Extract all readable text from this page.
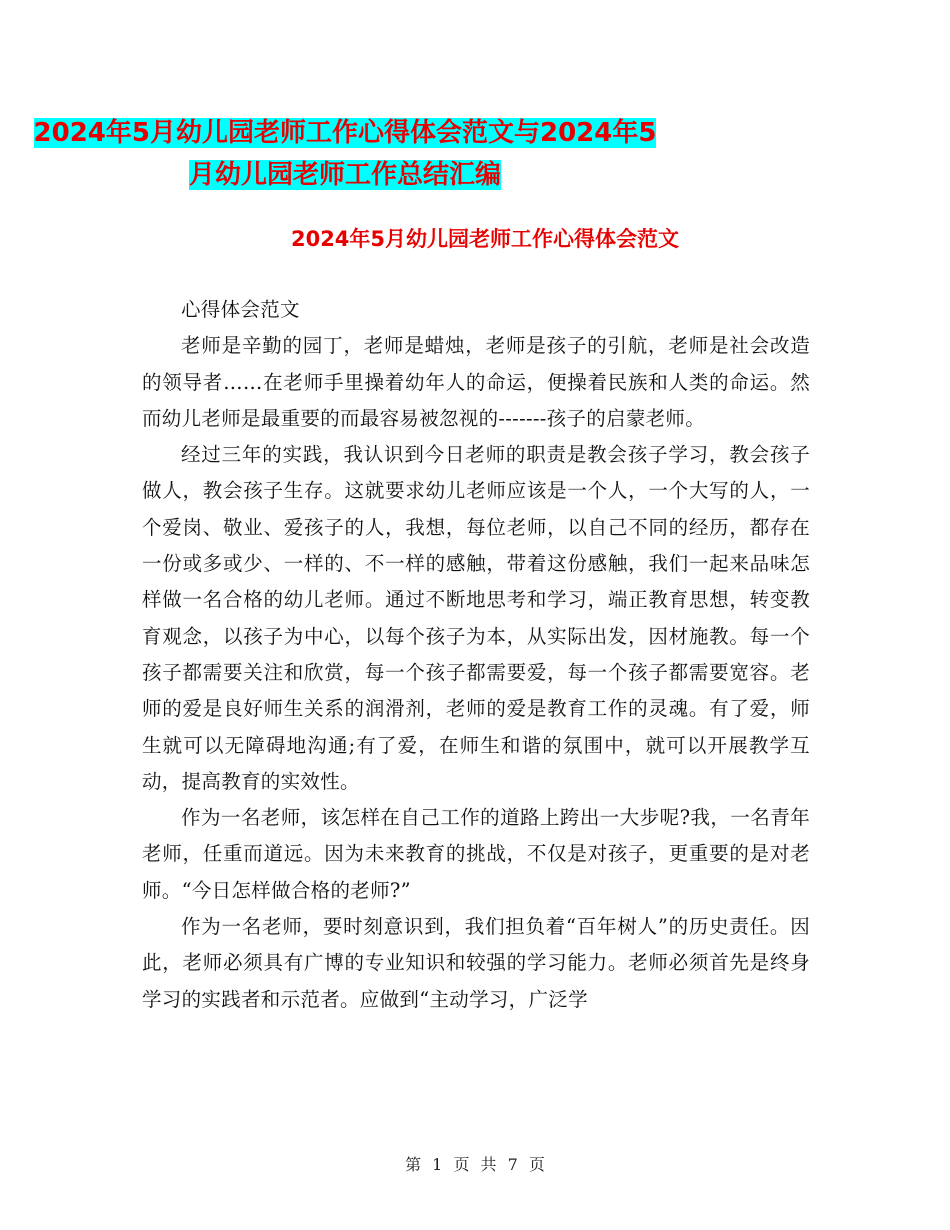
2024年5月幼儿园老师工作心得体会范文与2024年5
月幼儿园老师工作总结汇编
2024年5月幼儿园老师工作心得体会范文

心得体会范文

老师是辛勤的园丁，老师是蜡烛，老师是孩子的引航，老师是社会改造的领导者……在老师手里操着幼年人的命运，便操着民族和人类的命运。然而幼儿老师是最重要的而最容易被忽视的-------孩子的启蒙老师。

经过三年的实践，我认识到今日老师的职责是教会孩子学习，教会孩子做人，教会孩子生存。这就要求幼儿老师应该是一个人，一个大写的人，一个爱岗、敬业、爱孩子的人，我想，每位老师，以自己不同的经历，都存在一份或多或少、一样的、不一样的感触，带着这份感触，我们一起来品味怎样做一名合格的幼儿老师。通过不断地思考和学习，端正教育思想，转变教育观念，以孩子为中心，以每个孩子为本，从实际出发，因材施教。每一个孩子都需要关注和欣赏，每一个孩子都需要爱，每一个孩子都需要宽容。老师的爱是良好师生关系的润滑剂，老师的爱是教育工作的灵魂。有了爱，师生就可以无障碍地沟通;有了爱，在师生和谐的氛围中，就可以开展教学互动，提高教育的实效性。

作为一名老师，该怎样在自己工作的道路上跨出一大步呢?我，一名青年老师，任重而道远。因为未来教育的挑战，不仅是对孩子，更重要的是对老师。“今日怎样做合格的老师?”

作为一名老师，要时刻意识到，我们担负着“百年树人”的历史责任。因此，老师必须具有广博的专业知识和较强的学习能力。老师必须首先是终身学习的实践者和示范者。应做到“主动学习，广泛学

第 1 页 共 7 页
